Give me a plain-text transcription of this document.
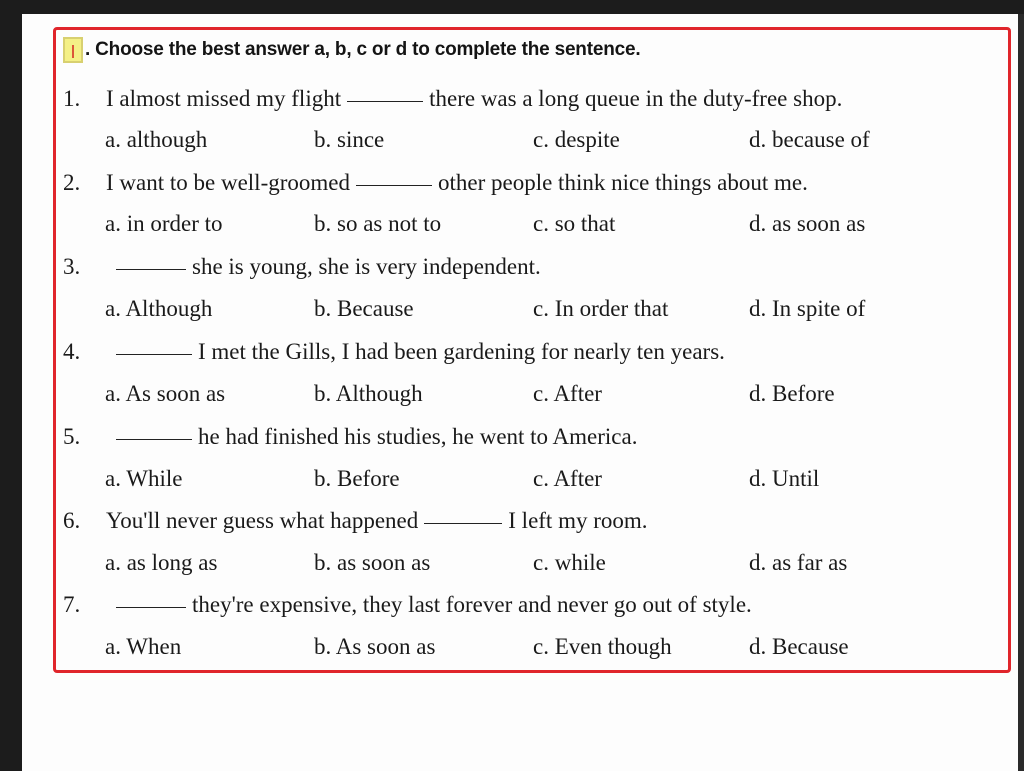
I . Choose the best answer a, b, c or d to complete the sentence.
1. I almost missed my flight	there was a long queue in the duty-free shop.
a. although	b. since	c. despite	d. because of
2. I want to be well-groomed	other people think nice things about me.
a. in order to	b. so as not to	c. so that	d. as soon as
3.	she is young, she is very independent.
a. Although	b. Because	c. In order that	d. In spite of
4.	I met the Gills, I had been gardening for nearly ten years.
a. As soon as	b. Although	c. After	d. Before
5.	he had finished his studies, he went to America.
a. While	b. Before	c. After	d. Until
6. You'll never guess what happened	I left my room.
a. as long as	b. as soon as	c. while	d. as far as
7.	they're expensive, they last forever and never go out of style.
a. When	b. As soon as	c. Even though	d. Because
